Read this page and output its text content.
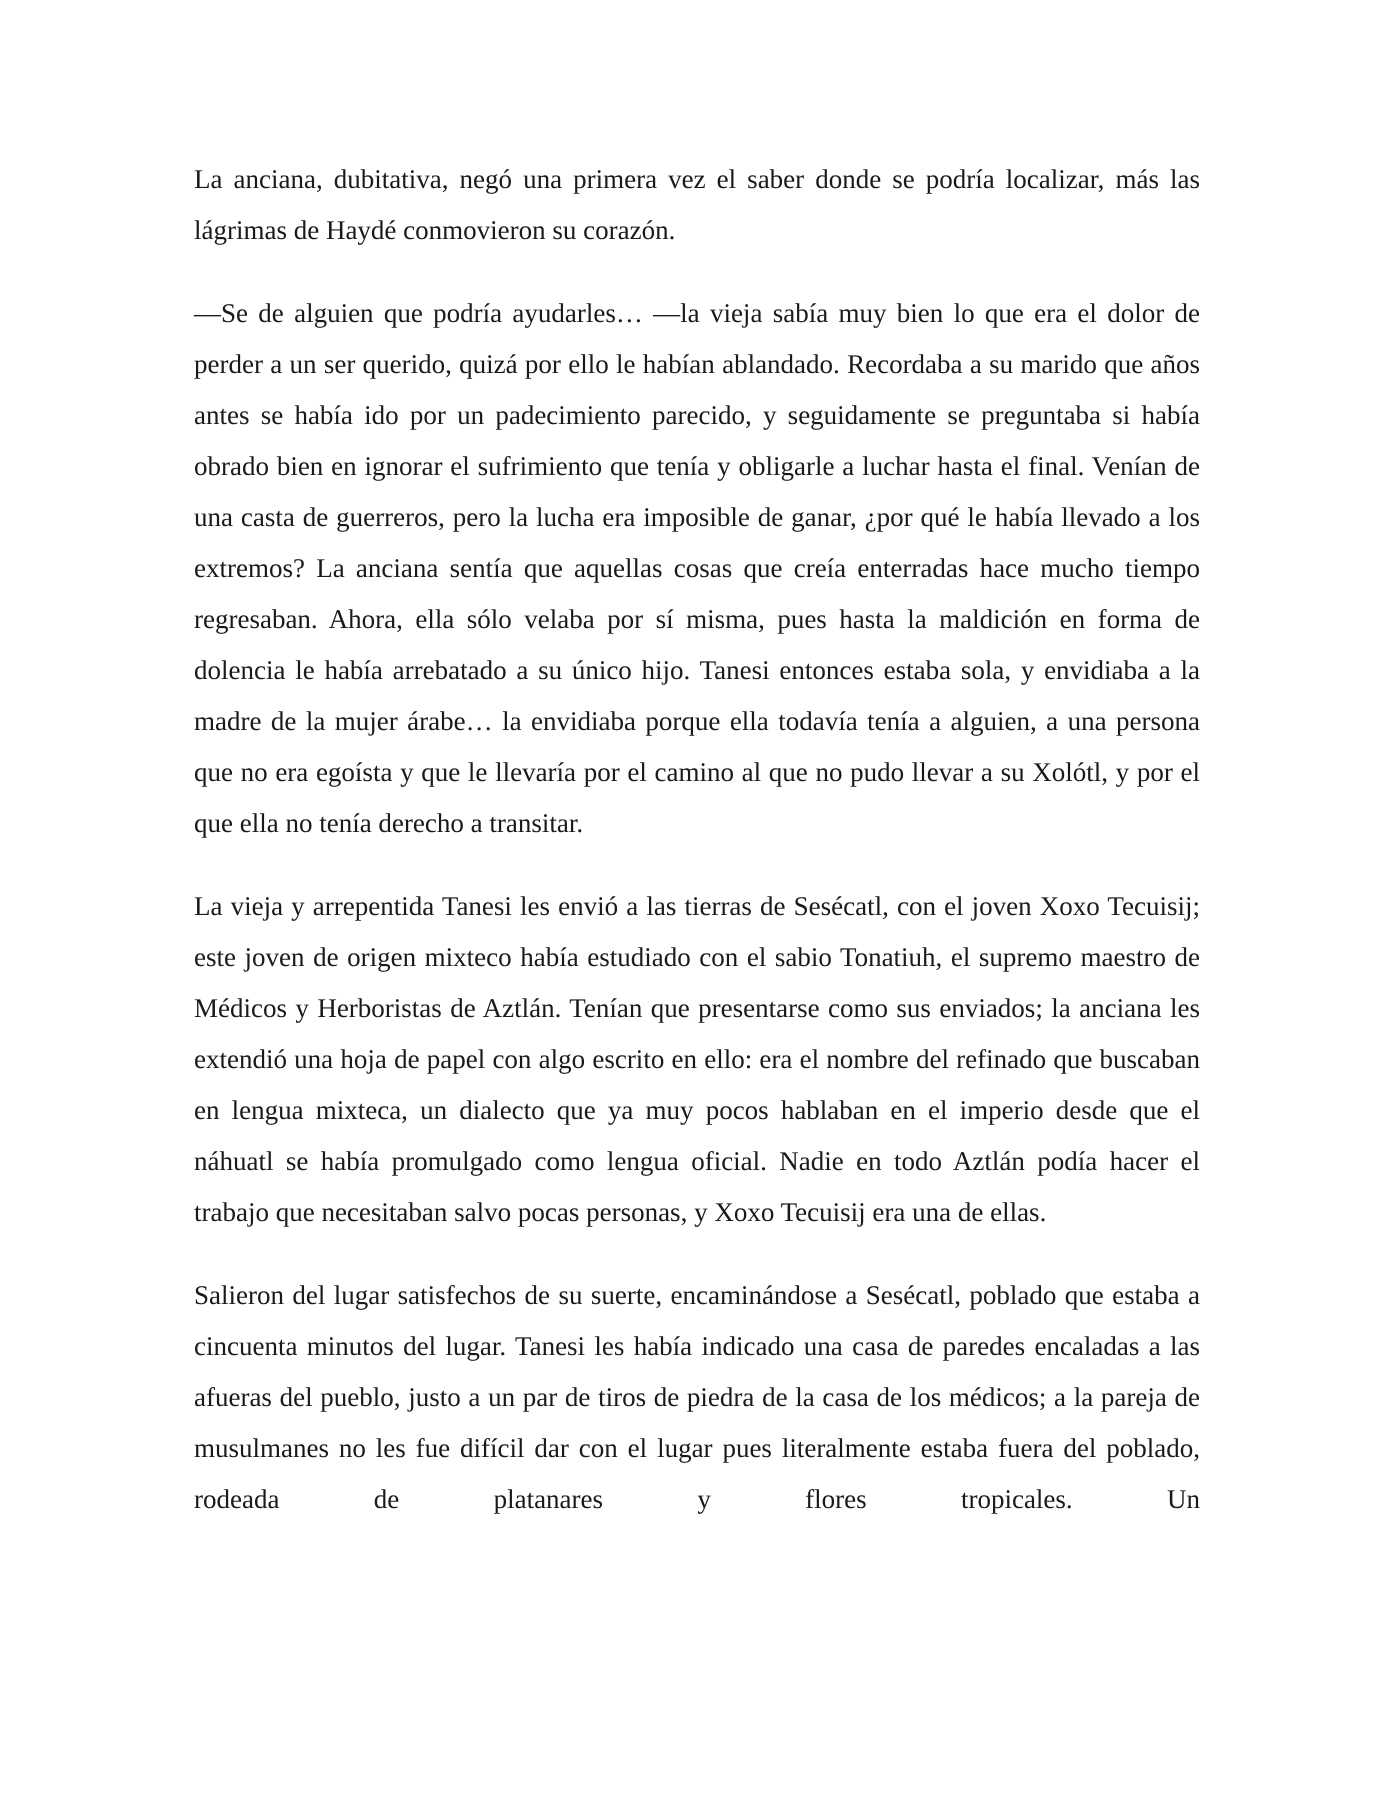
La anciana, dubitativa, negó una primera vez el saber donde se podría localizar, más las lágrimas de Haydé conmovieron su corazón.

—Se de alguien que podría ayudarles… —la vieja sabía muy bien lo que era el dolor de perder a un ser querido, quizá por ello le habían ablandado. Recordaba a su marido que años antes se había ido por un padecimiento parecido, y seguidamente se preguntaba si había obrado bien en ignorar el sufrimiento que tenía y obligarle a luchar hasta el final. Venían de una casta de guerreros, pero la lucha era imposible de ganar, ¿por qué le había llevado a los extremos? La anciana sentía que aquellas cosas que creía enterradas hace mucho tiempo regresaban. Ahora, ella sólo velaba por sí misma, pues hasta la maldición en forma de dolencia le había arrebatado a su único hijo. Tanesi entonces estaba sola, y envidiaba a la madre de la mujer árabe… la envidiaba porque ella todavía tenía a alguien, a una persona que no era egoísta y que le llevaría por el camino al que no pudo llevar a su Xolótl, y por el que ella no tenía derecho a transitar.

La vieja y arrepentida Tanesi les envió a las tierras de Sesécatl, con el joven Xoxo Tecuisij; este joven de origen mixteco había estudiado con el sabio Tonatiuh, el supremo maestro de Médicos y Herboristas de Aztlán. Tenían que presentarse como sus enviados; la anciana les extendió una hoja de papel con algo escrito en ello: era el nombre del refinado que buscaban en lengua mixteca, un dialecto que ya muy pocos hablaban en el imperio desde que el náhuatl se había promulgado como lengua oficial. Nadie en todo Aztlán podía hacer el trabajo que necesitaban salvo pocas personas, y Xoxo Tecuisij era una de ellas.

Salieron del lugar satisfechos de su suerte, encaminándose a Sesécatl, poblado que estaba a cincuenta minutos del lugar. Tanesi les había indicado una casa de paredes encaladas a las afueras del pueblo, justo a un par de tiros de piedra de la casa de los médicos; a la pareja de musulmanes no les fue difícil dar con el lugar pues literalmente estaba fuera del poblado, rodeada de platanares y flores tropicales. Un
